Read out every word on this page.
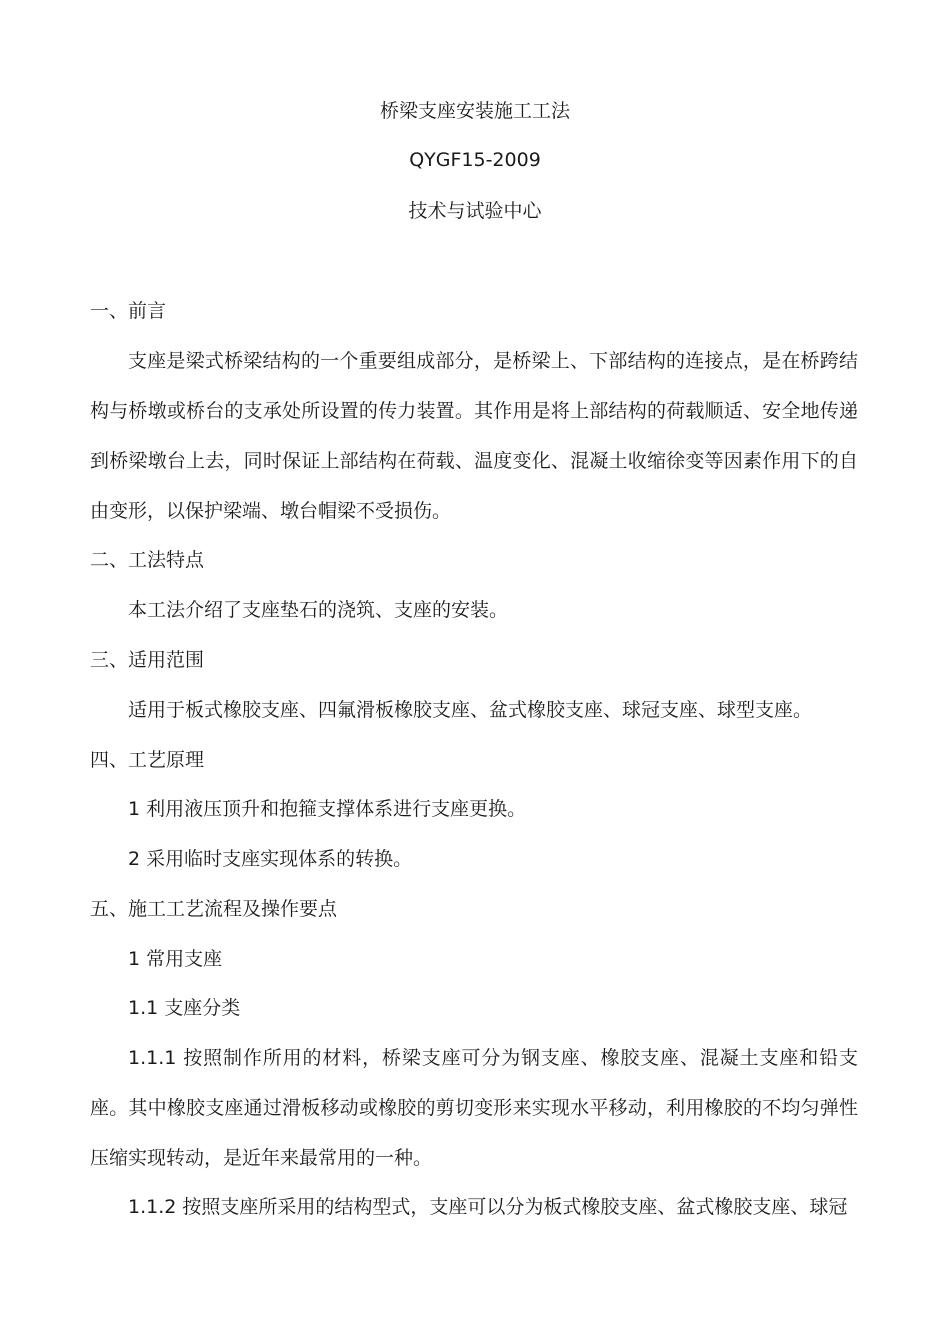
桥梁支座安装施工工法
QYGF15-2009
技术与试验中心
一、前言
支座是梁式桥梁结构的一个重要组成部分，是桥梁上、下部结构的连接点，是在桥跨结构与桥墩或桥台的支承处所设置的传力装置。其作用是将上部结构的荷载顺适、安全地传递到桥梁墩台上去，同时保证上部结构在荷载、温度变化、混凝土收缩徐变等因素作用下的自由变形，以保护梁端、墩台帽梁不受损伤。
二、工法特点
本工法介绍了支座垫石的浇筑、支座的安装。
三、适用范围
适用于板式橡胶支座、四氟滑板橡胶支座、盆式橡胶支座、球冠支座、球型支座。
四、工艺原理
1 利用液压顶升和抱箍支撑体系进行支座更换。
2 采用临时支座实现体系的转换。
五、施工工艺流程及操作要点
1 常用支座
1.1 支座分类
1.1.1 按照制作所用的材料，桥梁支座可分为钢支座、橡胶支座、混凝土支座和铅支座。其中橡胶支座通过滑板移动或橡胶的剪切变形来实现水平移动，利用橡胶的不均匀弹性压缩实现转动，是近年来最常用的一种。
1.1.2 按照支座所采用的结构型式，支座可以分为板式橡胶支座、盆式橡胶支座、球冠
